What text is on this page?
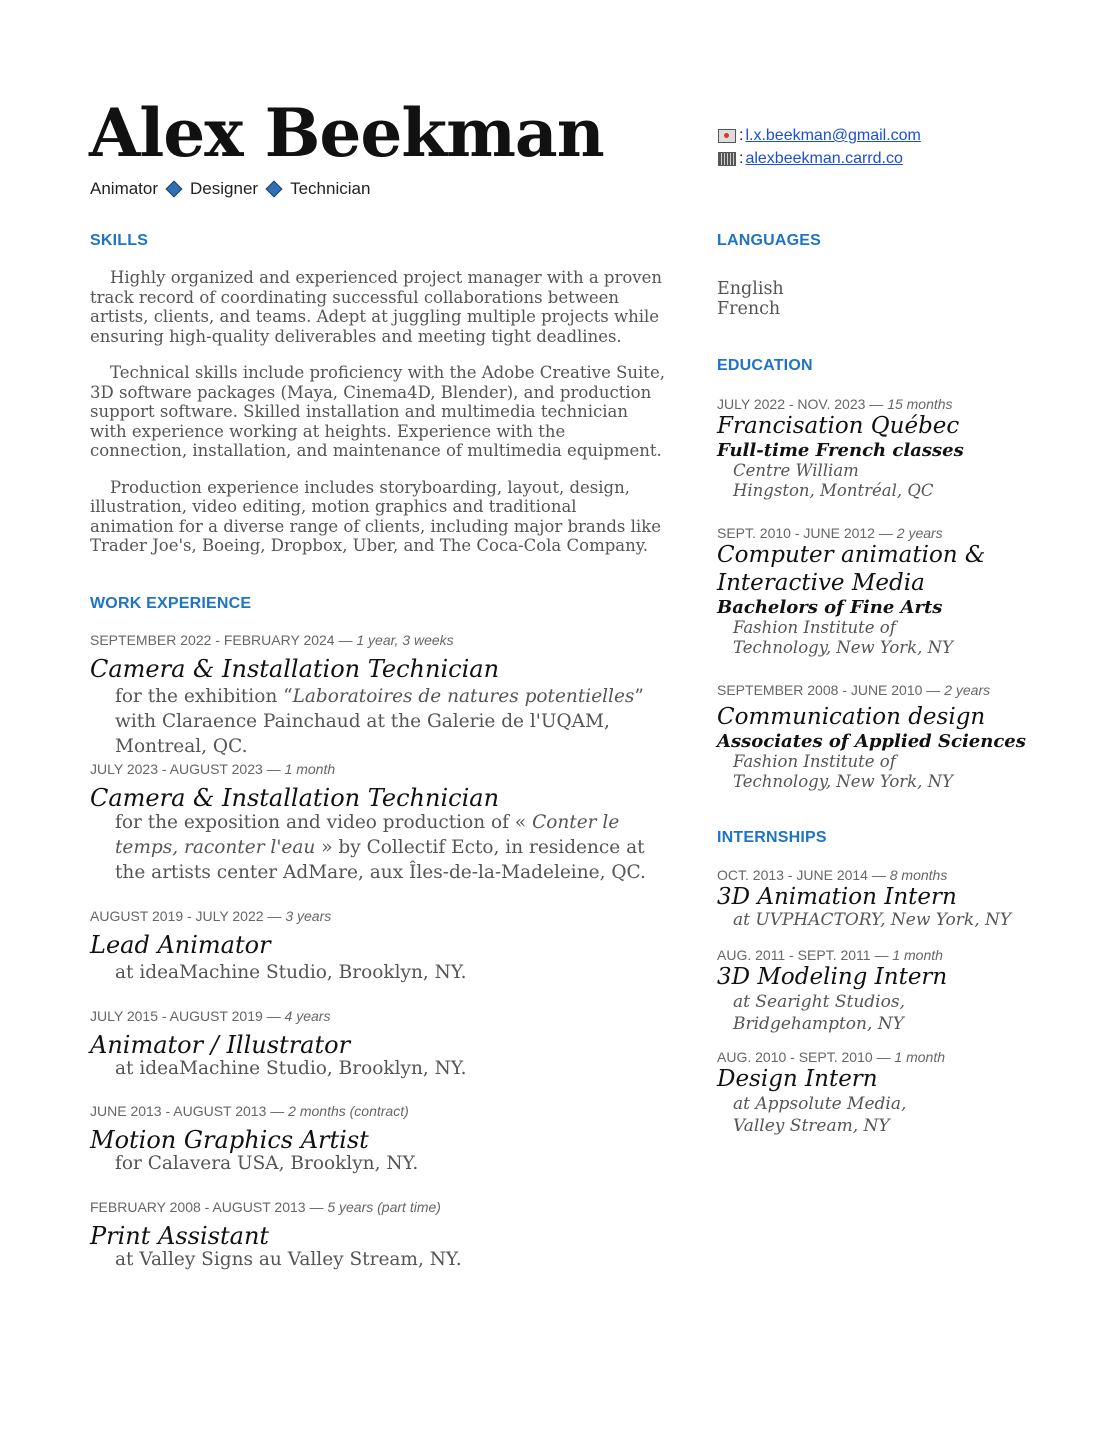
Alex Beekman
Animator Designer Technician
: l.x.beekman@gmail.com
: alexbeekman.carrd.co
SKILLS

Highly organized and experienced project manager with a proven track record of coordinating successful collaborations between artists, clients, and teams. Adept at juggling multiple projects while ensuring high-quality deliverables and meeting tight deadlines.

Technical skills include proficiency with the Adobe Creative Suite, 3D software packages (Maya, Cinema4D, Blender), and production support software. Skilled installation and multimedia technician with experience working at heights. Experience with the connection, installation, and maintenance of multimedia equipment.

Production experience includes storyboarding, layout, design, illustration, video editing, motion graphics and traditional animation for a diverse range of clients, including major brands like Trader Joe's, Boeing, Dropbox, Uber, and The Coca-Cola Company.

WORK EXPERIENCE
SEPTEMBER 2022 - FEBRUARY 2024 — 1 year, 3 weeks
Camera & Installation Technician
for the exhibition “Laboratoires de natures potentielles” with Claraence Painchaud at the Galerie de l'UQAM, Montreal, QC.
JULY 2023 - AUGUST 2023 — 1 month
Camera & Installation Technician
for the exposition and video production of « Conter le temps, raconter l'eau » by Collectif Ecto, in residence at the artists center AdMare, aux Îles-de-la-Madeleine, QC.
AUGUST 2019 - JULY 2022 — 3 years
Lead Animator
at ideaMachine Studio, Brooklyn, NY.
JULY 2015 - AUGUST 2019 — 4 years
Animator / Illustrator
at ideaMachine Studio, Brooklyn, NY.
JUNE 2013 - AUGUST 2013 — 2 months (contract)
Motion Graphics Artist
for Calavera USA, Brooklyn, NY.
FEBRUARY 2008 - AUGUST 2013 — 5 years (part time)
Print Assistant
at Valley Signs au Valley Stream, NY.
LANGUAGES
English
French
EDUCATION
JULY 2022 - NOV. 2023 — 15 months
Francisation Québec
Full-time French classes
Centre William Hingston, Montréal, QC
SEPT. 2010 - JUNE 2012 — 2 years
Computer animation & Interactive Media
Bachelors of Fine Arts
Fashion Institute of Technology, New York, NY
SEPTEMBER 2008 - JUNE 2010 — 2 years
Communication design
Associates of Applied Sciences
Fashion Institute of Technology, New York, NY
INTERNSHIPS
OCT. 2013 - JUNE 2014 — 8 months
3D Animation Intern
at UVPHACTORY, New York, NY
AUG. 2011 - SEPT. 2011 — 1 month
3D Modeling Intern
at Searight Studios, Bridgehampton, NY
AUG. 2010 - SEPT. 2010 — 1 month
Design Intern
at Appsolute Media, Valley Stream, NY
